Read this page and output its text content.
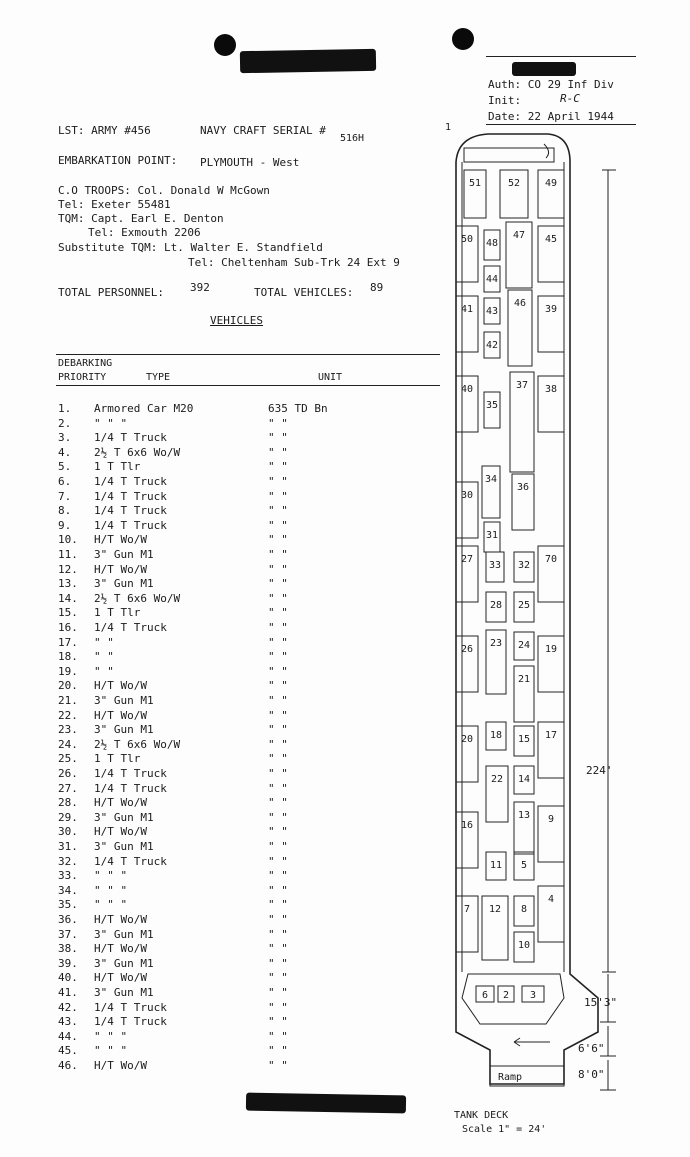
Auth: CO 29 Inf Div
Init:	R-C
Date: 22 April 1944
LST: ARMY #456	NAVY CRAFT SERIAL #
516H
EMBARKATION POINT: PLYMOUTH - West
C.O TROOPS: Col. Donald W McGown
Tel: Exeter 55481
TQM: Capt. Earl E. Denton
Tel: Exmouth 2206
Substitute TQM: Lt. Walter E. Standfield
Tel: Cheltenham Sub-Trk 24 Ext 9
TOTAL PERSONNEL: 392	TOTAL VEHICLES: 89
VEHICLES
DEBARKING
PRIORITY	TYPE	UNIT
1. Armored Car M20	635 TD Bn
2. " " "	" "
3. 1/4 T Truck	" "
4. 2½ T 6x6 Wo/W	" "
5. 1 T Tlr	" "
6. 1/4 T Truck	" "
7. 1/4 T Truck	" "
8. 1/4 T Truck	" "
9. 1/4 T Truck	" "
10. H/T Wo/W	" "
11. 3" Gun M1	" "
12. H/T Wo/W	" "
13. 3" Gun M1	" "
14. 2½ T 6x6 Wo/W	" "
15. 1 T Tlr	" "
16. 1/4 T Truck	" "
17. " "	" "
18. " "	" "
19. " "	" "
20. H/T Wo/W	" "
21. 3" Gun M1	" "
22. H/T Wo/W	" "
23. 3" Gun M1	" "
24. 2½ T 6x6 Wo/W	" "
25. 1 T Tlr	" "
26. 1/4 T Truck	" "
27. 1/4 T Truck	" "
28. H/T Wo/W	" "
29. 3" Gun M1	" "
30. H/T Wo/W	" "
31. 3" Gun M1	" "
32. 1/4 T Truck	" "
33. " " "	" "
34. " " "	" "
35. " " "	" "
36. H/T Wo/W	" "
37. 3" Gun M1	" "
38. H/T Wo/W	" "
39. 3" Gun M1	" "
40. H/T Wo/W	" "
41. 3" Gun M1	" "
42. 1/4 T Truck	" "
43. 1/4 T Truck	" "
44. " " "	" "
45. " " "	" "
46. H/T Wo/W	" "
Ramp
224'
15'3"
6'6"
8'0"
51	52 49
50 48
47 45
44
41 43
46
39
42
40
35
37 38
34
36
30
31
33 32
27	70
28 25
26
23 24 19
21
18 15 17
20
22 14
16
13 9
11 5
8
7 12
4
10
6 2 3
1
TANK DECK
Scale 1" = 24'
